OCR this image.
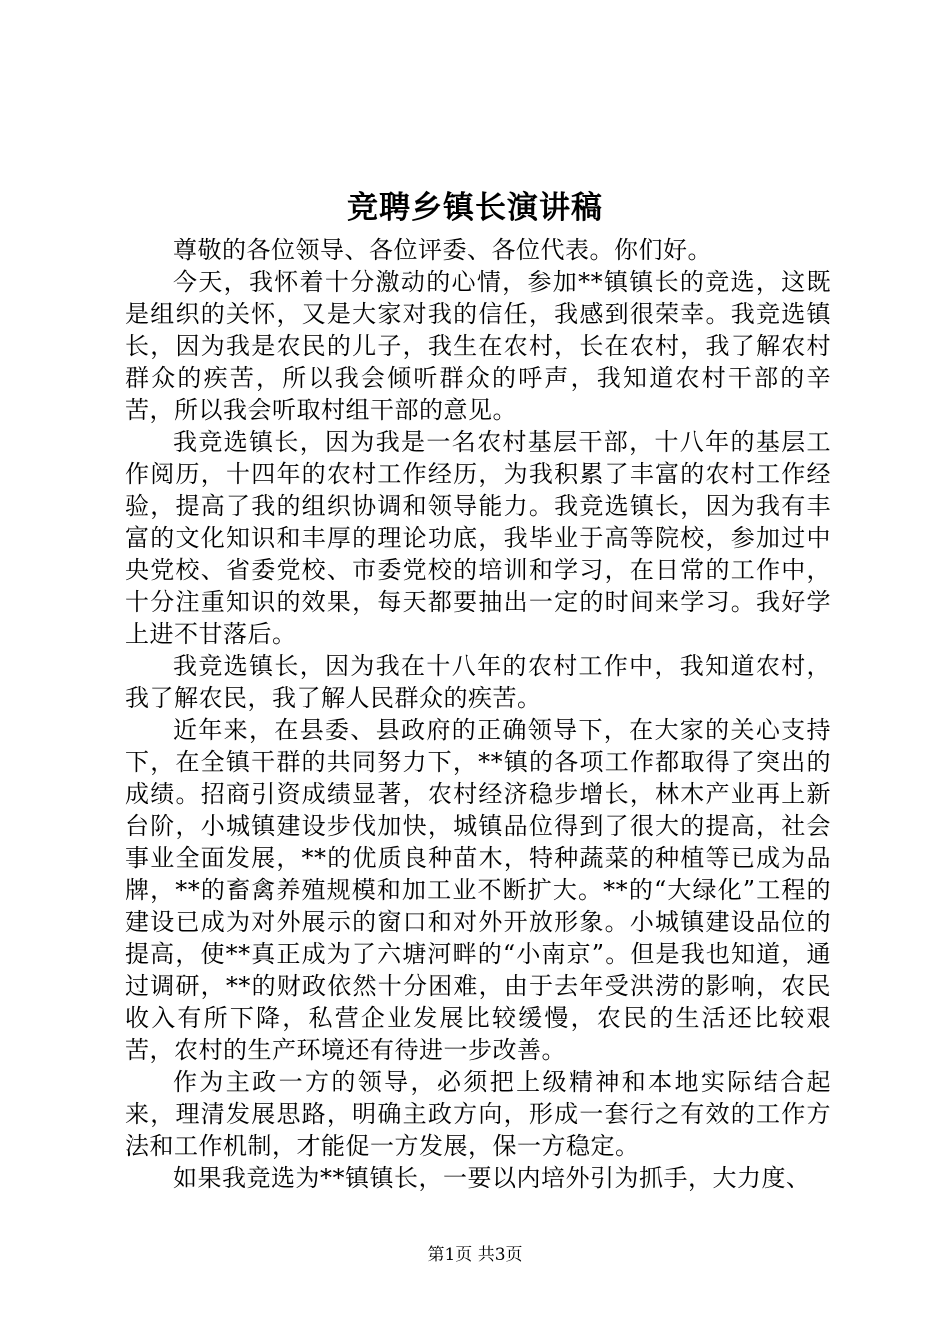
竞聘乡镇长演讲稿

尊敬的各位领导、各位评委、各位代表。你们好。

今天，我怀着十分激动的心情，参加**镇镇长的竞选，这既是组织的关怀，又是大家对我的信任，我感到很荣幸。我竞选镇长，因为我是农民的儿子，我生在农村，长在农村，我了解农村群众的疾苦，所以我会倾听群众的呼声，我知道农村干部的辛苦，所以我会听取村组干部的意见。

我竞选镇长，因为我是一名农村基层干部，十八年的基层工作阅历，十四年的农村工作经历，为我积累了丰富的农村工作经验，提高了我的组织协调和领导能力。我竞选镇长，因为我有丰富的文化知识和丰厚的理论功底，我毕业于高等院校，参加过中央党校、省委党校、市委党校的培训和学习，在日常的工作中，十分注重知识的效果，每天都要抽出一定的时间来学习。我好学上进不甘落后。

我竞选镇长，因为我在十八年的农村工作中，我知道农村，我了解农民，我了解人民群众的疾苦。

近年来，在县委、县政府的正确领导下，在大家的关心支持下，在全镇干群的共同努力下，**镇的各项工作都取得了突出的成绩。招商引资成绩显著，农村经济稳步增长，林木产业再上新台阶，小城镇建设步伐加快，城镇品位得到了很大的提高，社会事业全面发展，**的优质良种苗木，特种蔬菜的种植等已成为品牌，**的畜禽养殖规模和加工业不断扩大。**的“大绿化”工程的建设已成为对外展示的窗口和对外开放形象。小城镇建设品位的提高，使**真正成为了六塘河畔的“小南京”。但是我也知道，通过调研，**的财政依然十分困难，由于去年受洪涝的影响，农民收入有所下降，私营企业发展比较缓慢，农民的生活还比较艰苦，农村的生产环境还有待进一步改善。

作为主政一方的领导，必须把上级精神和本地实际结合起来，理清发展思路，明确主政方向，形成一套行之有效的工作方法和工作机制，才能促一方发展，保一方稳定。

如果我竞选为**镇镇长，一要以内培外引为抓手，大力度、

第1页 共3页
